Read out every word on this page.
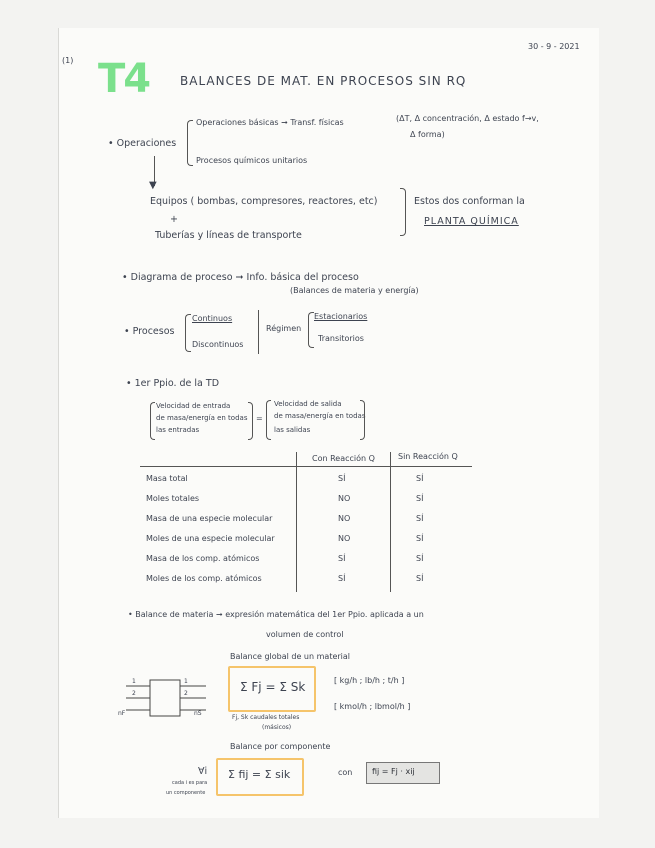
(1)
30 - 9 - 2021
T4	BALANCES DE MAT. EN PROCESOS SIN RQ
• Operaciones
Operaciones básicas ➞ Transf. físicas	(ΔT, Δ concentración, Δ estado f→v,
Δ forma)
Procesos químicos unitarios
▼
Equipos ( bombas, compresores, reactores, etc)
+
Tuberías y líneas de transporte
Estos dos conforman la
PLANTA QUÍMICA
• Diagrama de proceso ➞ Info. básica del proceso
(Balances de materia y energía)
• Procesos
Continuos
Discontinuos
Régimen
Estacionarios
Transitorios
• 1er Ppio. de la TD
Velocidad de entrada
de masa/energía en todas
las entradas
=
Velocidad de salida
de masa/energía en todas
las salidas
Con Reacción Q	Sin Reacción Q
Masa total	SÍ	SÍ
Moles totales	NO	SÍ
Masa de una especie molecular	NO	SÍ
Moles de una especie molecular	NO	SÍ
Masa de los comp. atómicos	SÍ	SÍ
Moles de los comp. atómicos	SÍ	SÍ
• Balance de materia ➞ expresión matemática del 1er Ppio. aplicada a un
volumen de control
Balance global de un material
1
2
nF
1
2
nS
Σ Fj = Σ Sk
Fj, Sk caudales totales
(másicos)
[ kg/h ; lb/h ; t/h ]
[ kmol/h ; lbmol/h ]
Balance por componente
∀i
cada i es para
un componente
Σ fij = Σ sik	con fij = Fj · xij
